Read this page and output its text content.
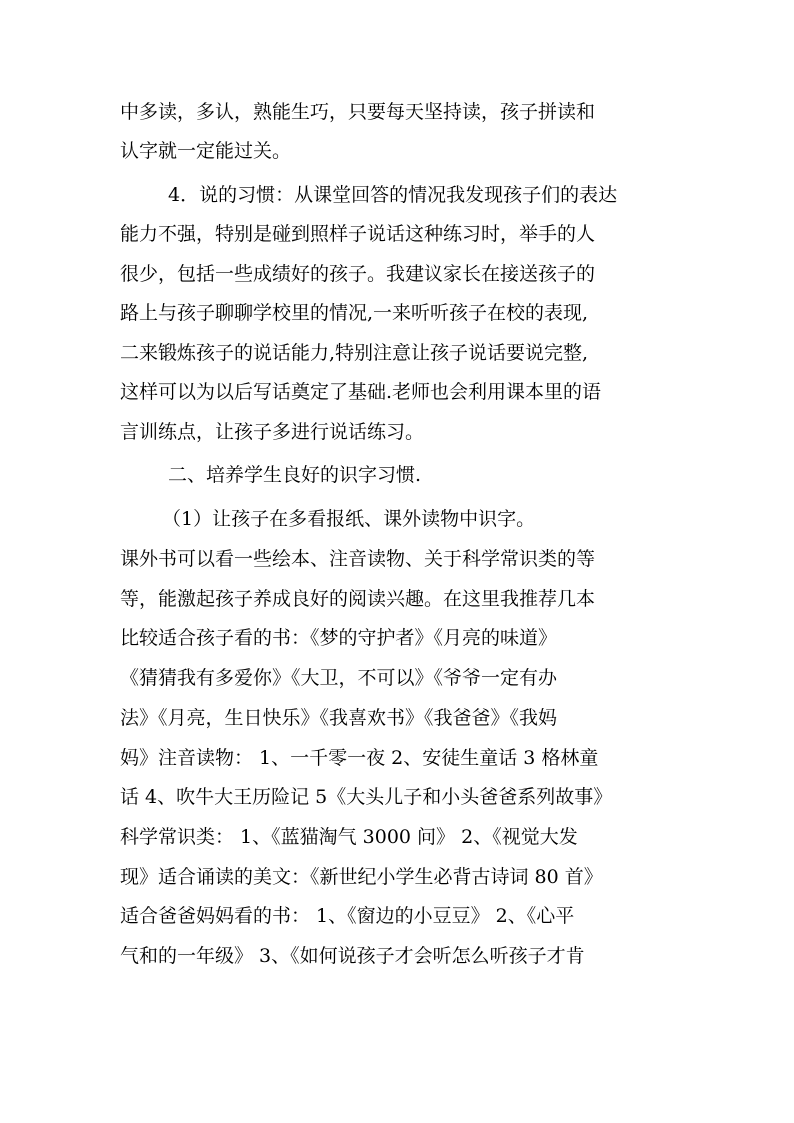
中多读，多认，熟能生巧，只要每天坚持读，孩子拼读和
认字就一定能过关。
4．说的习惯：从课堂回答的情况我发现孩子们的表达
能力不强，特别是碰到照样子说话这种练习时，举手的人
很少，包括一些成绩好的孩子。我建议家长在接送孩子的
路上与孩子聊聊学校里的情况,一来听听孩子在校的表现,
二来锻炼孩子的说话能力,特别注意让孩子说话要说完整,
这样可以为以后写话奠定了基础.老师也会利用课本里的语
言训练点，让孩子多进行说话练习。
二、培养学生良好的识字习惯.
（1）让孩子在多看报纸、课外读物中识字。
课外书可以看一些绘本、注音读物、关于科学常识类的等
等，能激起孩子养成良好的阅读兴趣。在这里我推荐几本
比较适合孩子看的书：《梦的守护者》《月亮的味道》
《猜猜我有多爱你》《大卫，不可以》《爷爷一定有办
法》《月亮，生日快乐》《我喜欢书》《我爸爸》《我妈
妈》注音读物： 1、一千零一夜 2、安徒生童话 3 格林童
话 4、吹牛大王历险记 5《大头儿子和小头爸爸系列故事》
科学常识类： 1、《蓝猫淘气 3000 问》 2、《视觉大发
现》适合诵读的美文：《新世纪小学生必背古诗词 80 首》
适合爸爸妈妈看的书： 1、《窗边的小豆豆》 2、《心平
气和的一年级》 3、《如何说孩子才会听怎么听孩子才肯
